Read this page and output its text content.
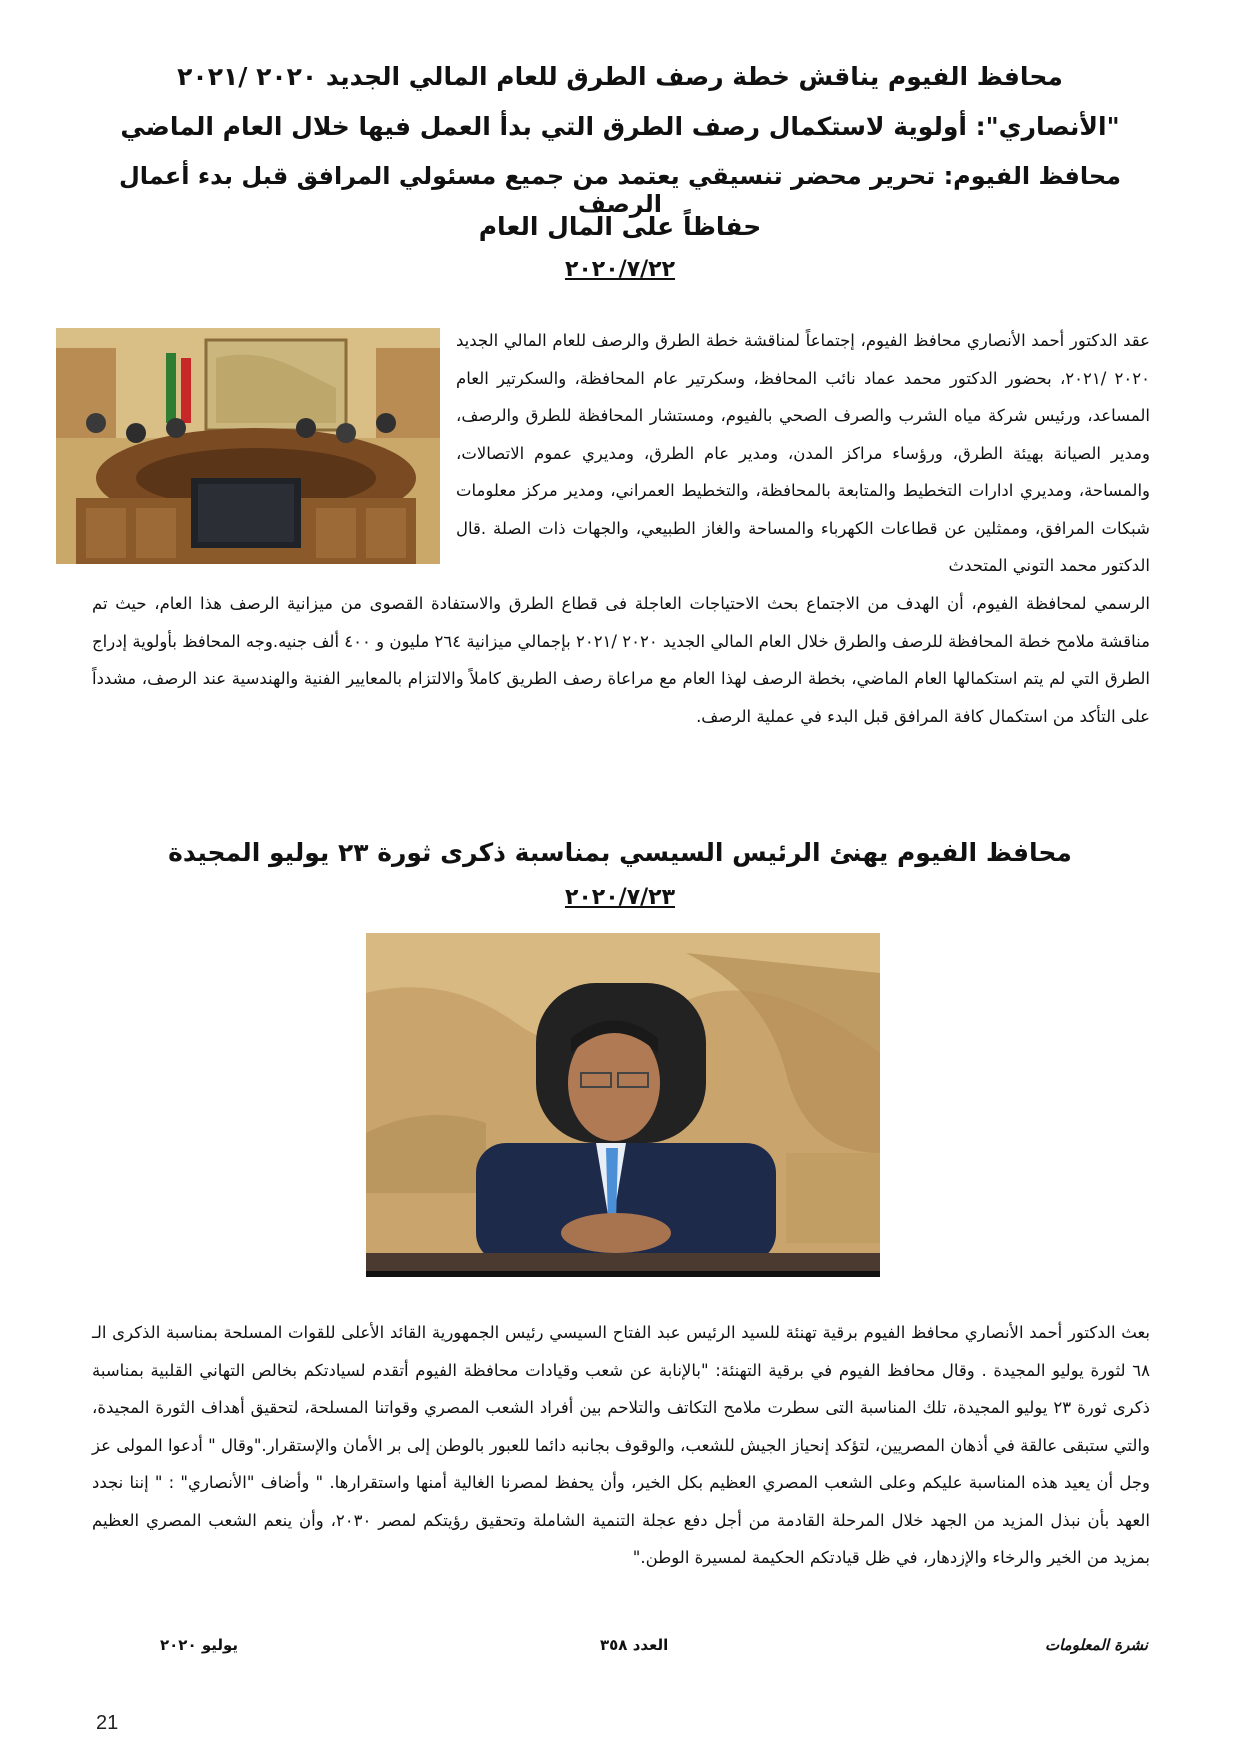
محافظ الفيوم يناقش خطة رصف الطرق للعام المالي الجديد ٢٠٢٠ /٢٠٢١
"الأنصاري": أولوية لاستكمال رصف الطرق التي بدأ العمل فيها خلال العام الماضي
محافظ الفيوم: تحرير محضر تنسيقي يعتمد من جميع مسئولي المرافق قبل بدء أعمال الرصف
حفاظاً على المال العام
٢٠٢٠/٧/٢٢
عقد الدكتور أحمد الأنصاري محافظ الفيوم، إجتماعاً لمناقشة خطة الطرق والرصف للعام المالي الجديد ٢٠٢٠ /٢٠٢١، بحضور الدكتور محمد عماد نائب المحافظ، وسكرتير عام المحافظة، والسكرتير العام المساعد، ورئيس شركة مياه الشرب والصرف الصحي بالفيوم، ومستشار المحافظة للطرق والرصف، ومدير الصيانة بهيئة الطرق، ورؤساء مراكز المدن، ومدير عام الطرق، ومديري عموم الاتصالات، والمساحة، ومديري ادارات التخطيط والمتابعة بالمحافظة، والتخطيط العمراني، ومدير مركز معلومات شبكات المرافق، وممثلين عن قطاعات الكهرباء والمساحة والغاز الطبيعي، والجهات ذات الصلة .قال الدكتور محمد التوني المتحدث
الرسمي لمحافظة الفيوم، أن الهدف من الاجتماع بحث الاحتياجات العاجلة فى قطاع الطرق والاستفادة القصوى من ميزانية الرصف هذا العام، حيث تم مناقشة ملامح خطة المحافظة للرصف والطرق خلال العام المالي الجديد ٢٠٢٠ /٢٠٢١ بإجمالي ميزانية ٢٦٤ مليون و ٤٠٠ ألف جنيه.وجه المحافظ بأولوية إدراج الطرق التي لم يتم استكمالها العام الماضي، بخطة الرصف لهذا العام مع مراعاة رصف الطريق كاملاً والالتزام بالمعايير الفنية والهندسية عند الرصف، مشدداً على التأكد من استكمال كافة المرافق قبل البدء في عملية الرصف.
محافظ الفيوم يهنئ الرئيس السيسي بمناسبة ذكرى ثورة ٢٣ يوليو المجيدة
٢٠٢٠/٧/٢٣
بعث الدكتور أحمد الأنصاري محافظ الفيوم برقية تهنئة للسيد الرئيس عبد الفتاح السيسي رئيس الجمهورية القائد الأعلى للقوات المسلحة بمناسبة الذكرى الـ ٦٨ لثورة يوليو المجيدة . وقال محافظ الفيوم في برقية التهنئة: "بالإنابة عن شعب وقيادات محافظة الفيوم أتقدم لسيادتكم بخالص التهاني القلبية بمناسبة ذكرى ثورة ٢٣ يوليو المجيدة، تلك المناسبة التى سطرت ملامح التكاتف والتلاحم بين أفراد الشعب المصري وقواتنا المسلحة، لتحقيق أهداف الثورة المجيدة، والتي ستبقى عالقة في أذهان المصريين، لتؤكد إنحياز الجيش للشعب، والوقوف بجانبه دائما للعبور بالوطن إلى بر الأمان والإستقرار."وقال " أدعوا المولى عز وجل أن يعيد هذه المناسبة عليكم وعلى الشعب المصري العظيم بكل الخير، وأن يحفظ لمصرنا الغالية أمنها واستقرارها. " وأضاف "الأنصاري" : " إننا نجدد العهد بأن نبذل المزيد من الجهد خلال المرحلة القادمة من أجل دفع عجلة التنمية الشاملة وتحقيق رؤيتكم لمصر ٢٠٣٠، وأن ينعم الشعب المصري العظيم بمزيد من الخير والرخاء والإزدهار، في ظل قيادتكم الحكيمة لمسيرة الوطن."
نشرة المعلومات
العدد ٣٥٨
يوليو ٢٠٢٠
21
